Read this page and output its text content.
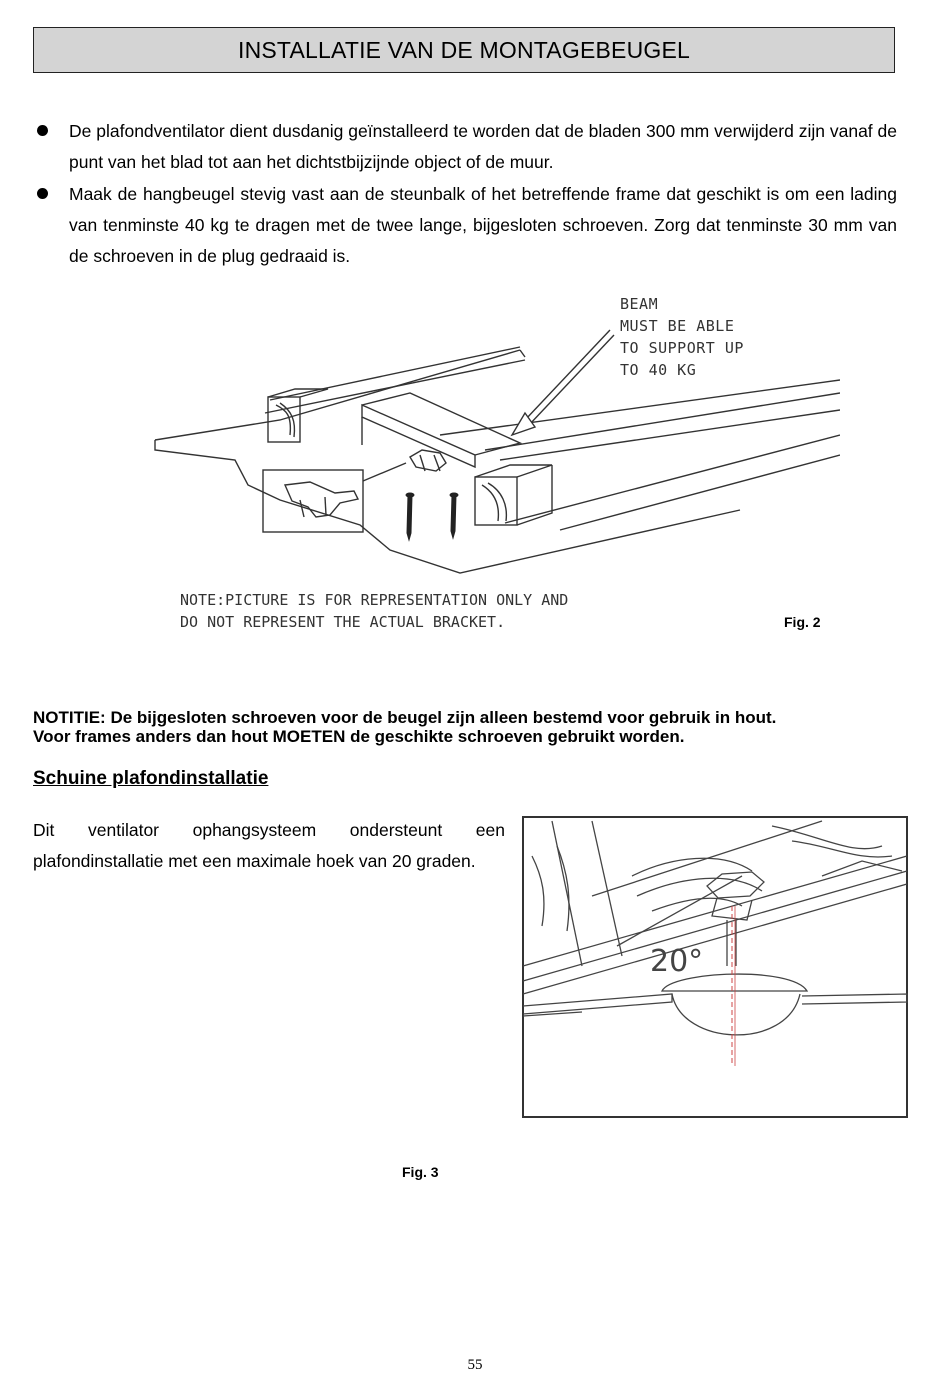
INSTALLATIE VAN DE MONTAGEBEUGEL
De plafondventilator dient dusdanig geïnstalleerd te worden dat de bladen 300 mm verwijderd zijn vanaf de punt van het blad tot aan het dichtstbijzijnde object of de muur.
Maak de hangbeugel stevig vast aan de steunbalk of het betreffende frame dat geschikt is om een lading van tenminste 40 kg te dragen met de twee lange, bijgesloten schroeven. Zorg dat tenminste 30 mm van de schroeven in de plug gedraaid is.
BEAM
MUST BE ABLE
TO SUPPORT UP
TO 40 KG
NOTE:PICTURE IS FOR REPRESENTATION ONLY AND
DO NOT REPRESENT THE ACTUAL BRACKET.	Fig. 2
NOTITIE: De bijgesloten schroeven voor de beugel zijn alleen bestemd voor gebruik in hout.
Voor frames anders dan hout MOETEN de geschikte schroeven gebruikt worden.
Schuine plafondinstallatie
Dit ventilator ophangsysteem ondersteunt een plafondinstallatie met een maximale hoek van 20 graden.
20°
Fig. 3
55
